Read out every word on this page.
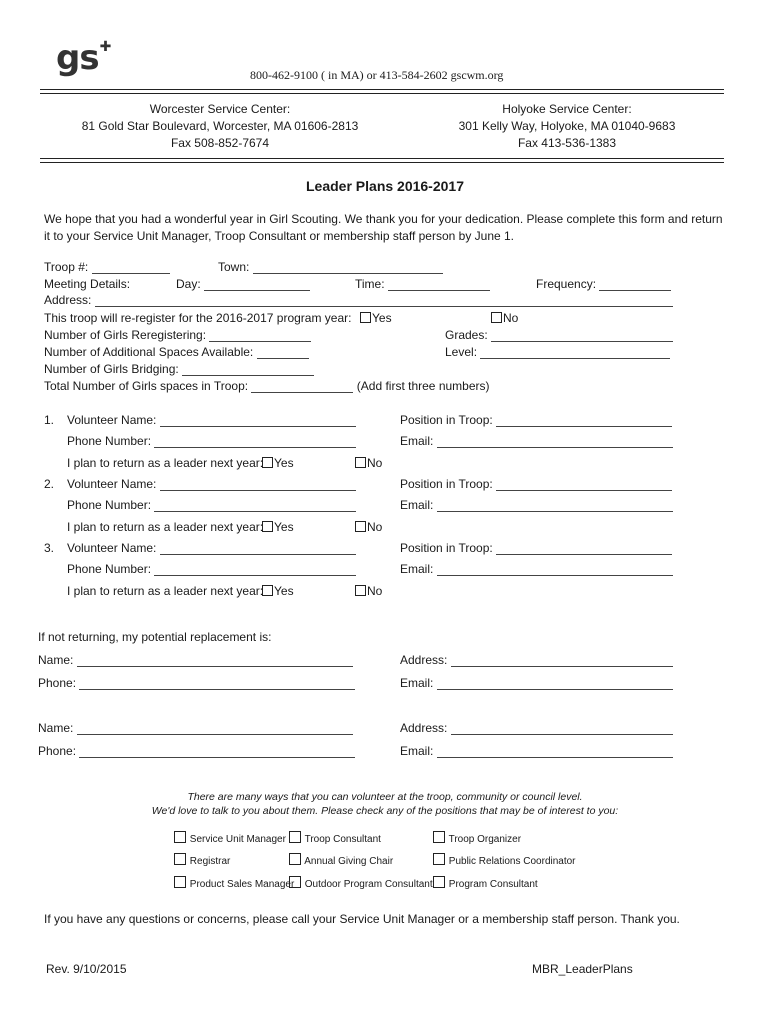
gs✚
800-462-9100 ( in MA) or 413-584-2602 gscwm.org
Worcester Service Center:
81 Gold Star Boulevard, Worcester, MA 01606-2813
Fax 508-852-7674
Holyoke Service Center:
301 Kelly Way, Holyoke, MA 01040-9683
Fax 413-536-1383
Leader Plans 2016-2017
We hope that you had a wonderful year in Girl Scouting. We thank you for your dedication. Please complete this form and return
it to your Service Unit Manager, Troop Consultant or membership staff person by June 1.
Troop #:	Town:
Meeting Details:	Day:	Time:	Frequency:
Address:
This troop will re-register for the 2016-2017 program year:	Yes	No
Number of Girls Reregistering:	Grades:
Number of Additional Spaces Available:	Level:
Number of Girls Bridging:
Total Number of Girls spaces in Troop:	(Add first three numbers)
1. Volunteer Name:	Position in Troop:
Phone Number:	Email:
I plan to return as a leader next year: Yes	No
2. Volunteer Name:	Position in Troop:
Phone Number:	Email:
I plan to return as a leader next year: Yes	No
3. Volunteer Name:	Position in Troop:
Phone Number:	Email:
I plan to return as a leader next year: Yes	No
If not returning, my potential replacement is:
Name:	Address:
Phone:	Email:
Name:	Address:
Phone:	Email:
There are many ways that you can volunteer at the troop, community or council level.
We'd love to talk to you about them. Please check any of the positions that may be of interest to you:
Service Unit Manager	Troop Consultant	Troop Organizer
Registrar	Annual Giving Chair	Public Relations Coordinator
Product Sales Manager	Outdoor Program Consultant	Program Consultant
If you have any questions or concerns, please call your Service Unit Manager or a membership staff person. Thank you.
Rev. 9/10/2015	MBR_LeaderPlans
